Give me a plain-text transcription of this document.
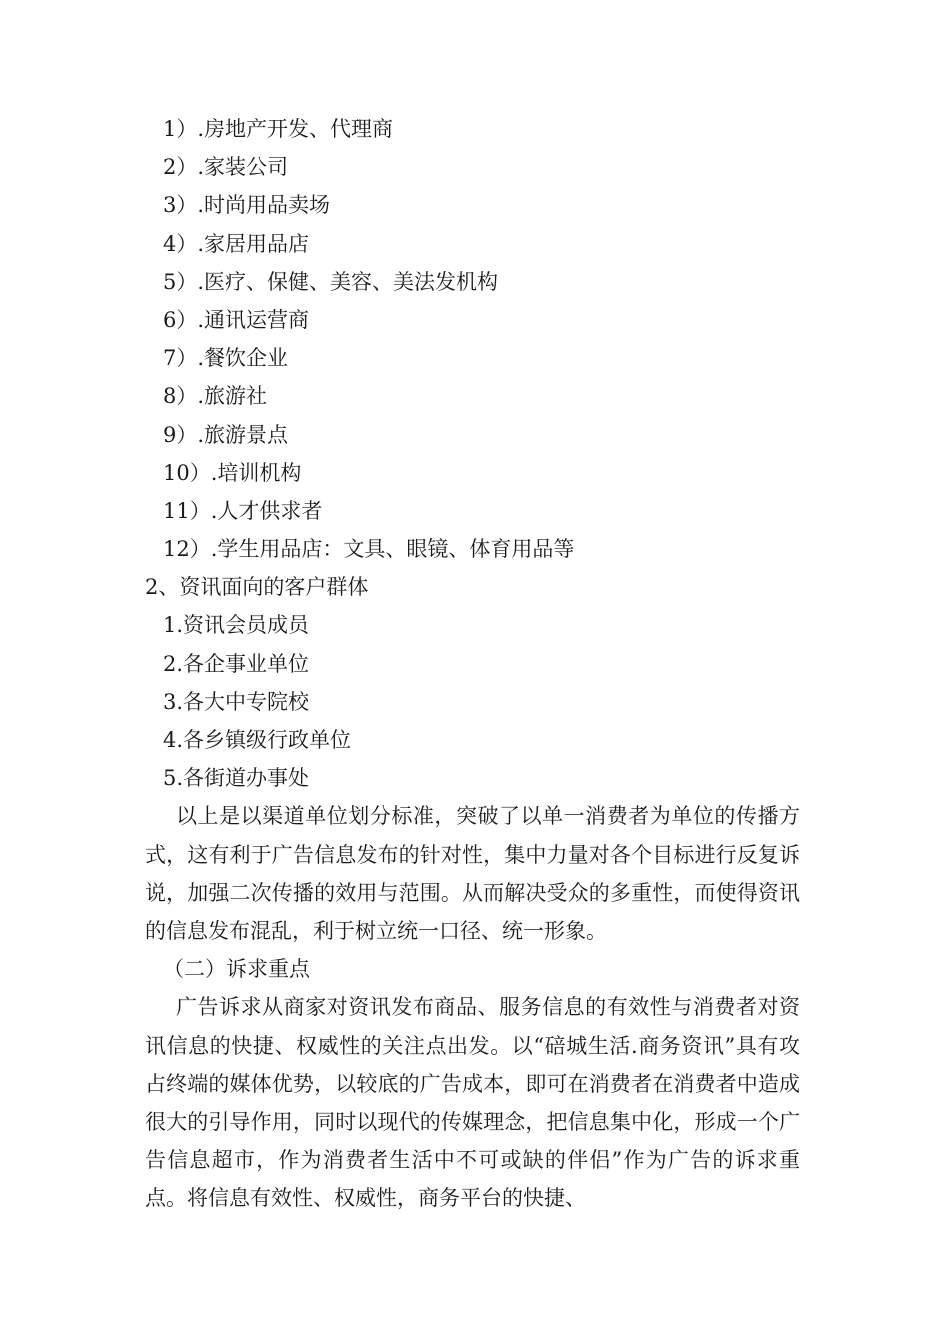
1）.房地产开发、代理商
2）.家装公司
3）.时尚用品卖场
4）.家居用品店
5）.医疗、保健、美容、美法发机构
6）.通讯运营商
7）.餐饮企业
8）.旅游社
9）.旅游景点
10）.培训机构
11）.人才供求者
12）.学生用品店：文具、眼镜、体育用品等
2、资讯面向的客户群体
1.资讯会员成员
2.各企事业单位
3.各大中专院校
4.各乡镇级行政单位
5.各街道办事处

以上是以渠道单位划分标准，突破了以单一消费者为单位的传播方式，这有利于广告信息发布的针对性，集中力量对各个目标进行反复诉说，加强二次传播的效用与范围。从而解决受众的多重性，而使得资讯的信息发布混乱，利于树立统一口径、统一形象。

（二）诉求重点

广告诉求从商家对资讯发布商品、服务信息的有效性与消费者对资讯信息的快捷、权威性的关注点出发。以“碚城生活.商务资讯”具有攻占终端的媒体优势，以较底的广告成本，即可在消费者在消费者中造成很大的引导作用，同时以现代的传媒理念，把信息集中化，形成一个广告信息超市，作为消费者生活中不可或缺的伴侣”作为广告的诉求重点。将信息有效性、权威性，商务平台的快捷、
